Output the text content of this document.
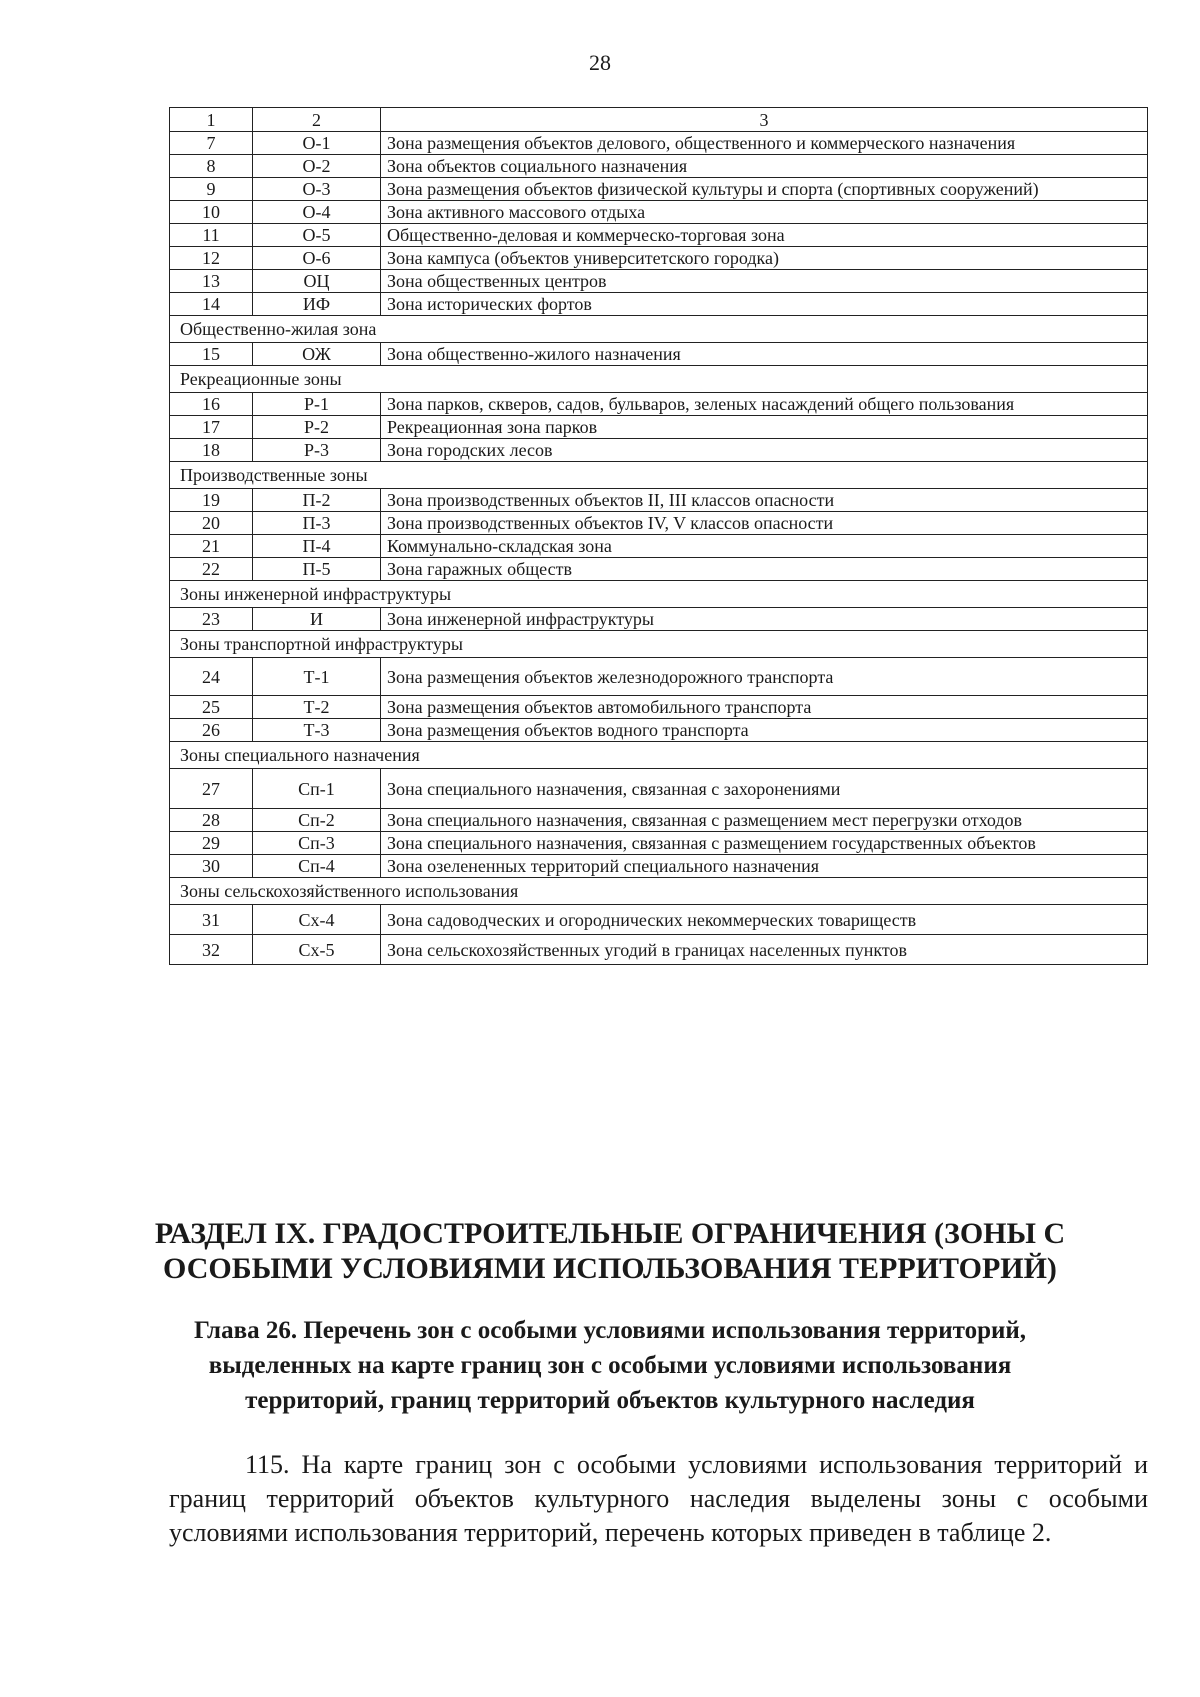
28
1	2	3
7	О-1	Зона размещения объектов делового, общественного и коммерческого назначения
8	О-2	Зона объектов социального назначения
9	О-3	Зона размещения объектов физической культуры и спорта (спортивных сооружений)
10	О-4	Зона активного массового отдыха
11	О-5	Общественно-деловая и коммерческо-торговая зона
12	О-6	Зона кампуса (объектов университетского городка)
13	ОЦ	Зона общественных центров
14	ИФ	Зона исторических фортов
Общественно-жилая зона		
15	ОЖ	Зона общественно-жилого назначения
Рекреационные зоны		
16	Р-1	Зона парков, скверов, садов, бульваров, зеленых насаждений общего пользования
17	Р-2	Рекреационная зона парков
18	Р-3	Зона городских лесов
Производственные зоны		
19	П-2	Зона производственных объектов II, III классов опасности
20	П-3	Зона производственных объектов IV, V классов опасности
21	П-4	Коммунально-складская зона
22	П-5	Зона гаражных обществ
Зоны инженерной инфраструктуры		
23	И	Зона инженерной инфраструктуры
Зоны транспортной инфраструктуры		
24	Т-1	Зона размещения объектов железнодорожного транспорта
25	Т-2	Зона размещения объектов автомобильного транспорта
26	Т-3	Зона размещения объектов водного транспорта
Зоны специального назначения		
27	Сп-1	Зона специального назначения, связанная с захоронениями
28	Сп-2	Зона специального назначения, связанная с размещением мест перегрузки отходов
29	Сп-3	Зона специального назначения, связанная с размещением государственных объектов
30	Сп-4	Зона озелененных территорий специального назначения
Зоны сельскохозяйственного использования		
31	Сх-4	Зона садоводческих и огороднических некоммерческих товариществ
32	Сх-5	Зона сельскохозяйственных угодий в границах населенных пунктов
РАЗДЕЛ IX. ГРАДОСТРОИТЕЛЬНЫЕ ОГРАНИЧЕНИЯ (ЗОНЫ С ОСОБЫМИ УСЛОВИЯМИ ИСПОЛЬЗОВАНИЯ ТЕРРИТОРИЙ)
Глава 26. Перечень зон с особыми условиями использования территорий, выделенных на карте границ зон с особыми условиями использования территорий, границ территорий объектов культурного наследия
115. На карте границ зон с особыми условиями использования территорий и границ территорий объектов культурного наследия выделены зоны с особыми условиями использования территорий, перечень которых приведен в таблице 2.
